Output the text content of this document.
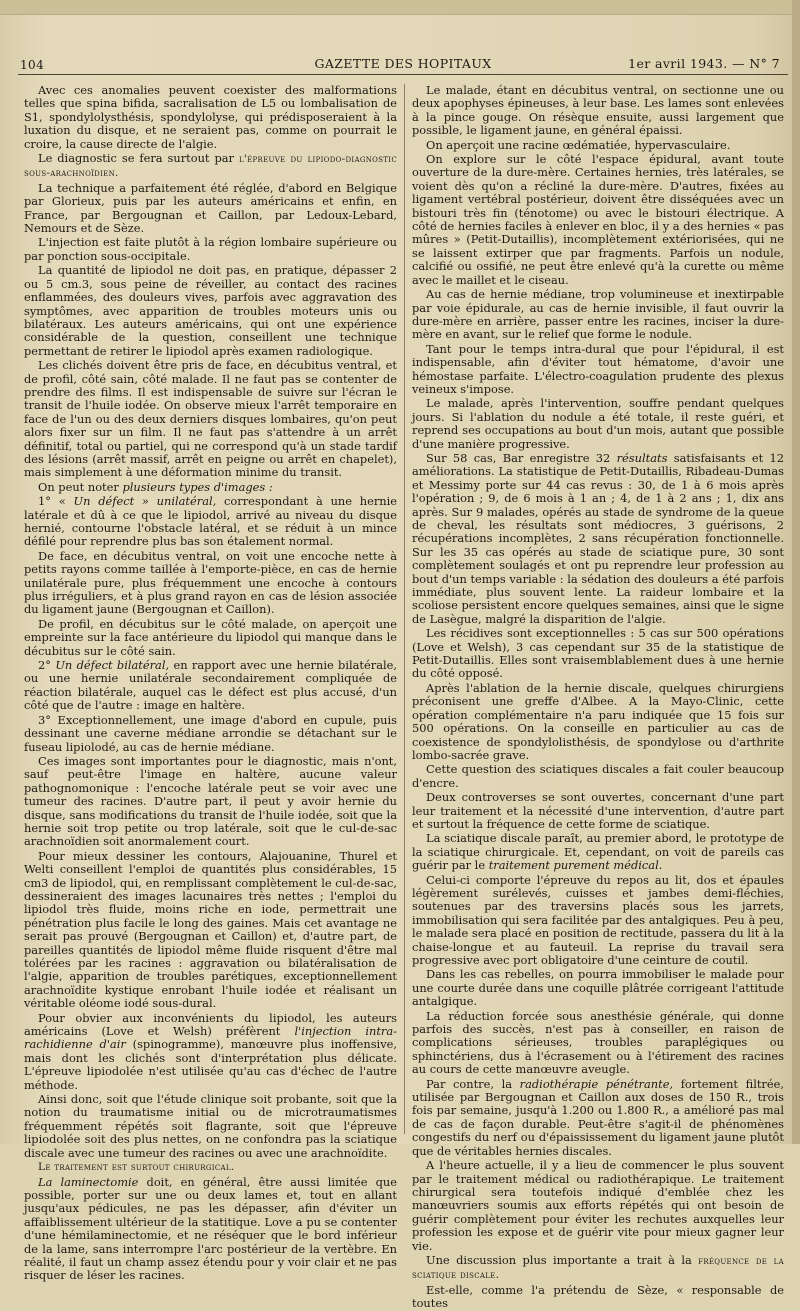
104	GAZETTE DES HOPITAUX	1er avril 1943. — N° 7

Avec ces anomalies peuvent coexister des malformations telles que spina bifida, sacralisation de L5 ou lombalisation de S1, spondylolysthésis, spondylolyse, qui prédisposeraient à la luxation du disque, et ne seraient pas, comme on pourrait le croire, la cause directe de l'algie.

Le diagnostic se fera surtout par l'épreuve du lipiodo-diagnostic sous-arachnoïdien.

La technique a parfaitement été réglée, d'abord en Belgique par Glorieux, puis par les auteurs américains et enfin, en France, par Bergougnan et Caillon, par Ledoux-Lebard, Nemours et de Sèze.

L'injection est faite plutôt à la région lombaire supérieure ou par ponction sous-occipitale.

La quantité de lipiodol ne doit pas, en pratique, dépasser 2 ou 5 cm.3, sous peine de réveiller, au contact des racines enflammées, des douleurs vives, parfois avec aggravation des symptômes, avec apparition de troubles moteurs unis ou bilatéraux. Les auteurs américains, qui ont une expérience considérable de la question, conseillent une technique permettant de retirer le lipiodol après examen radiologique.

Les clichés doivent être pris de face, en décubitus ventral, et de profil, côté sain, côté malade. Il ne faut pas se contenter de prendre des films. Il est indispensable de suivre sur l'écran le transit de l'huile iodée. On observe mieux l'arrêt temporaire en face de l'un ou des deux derniers disques lombaires, qu'on peut alors fixer sur un film. Il ne faut pas s'attendre à un arrêt définitif, total ou partiel, qui ne correspond qu'à un stade tardif des lésions (arrêt massif, arrêt en peigne ou arrêt en chapelet), mais simplement à une déformation minime du transit.

On peut noter plusieurs types d'images :

1° « Un défect » unilatéral, correspondant à une hernie latérale et dû à ce que le lipiodol, arrivé au niveau du disque hernié, contourne l'obstacle latéral, et se réduit à un mince défilé pour reprendre plus bas son étalement normal.

De face, en décubitus ventral, on voit une encoche nette à petits rayons comme taillée à l'emporte-pièce, en cas de hernie unilatérale pure, plus fréquemment une encoche à contours plus irréguliers, et à plus grand rayon en cas de lésion associée du ligament jaune (Bergougnan et Caillon).

De profil, en décubitus sur le côté malade, on aperçoit une empreinte sur la face antérieure du lipiodol qui manque dans le décubitus sur le côté sain.

2° Un défect bilatéral, en rapport avec une hernie bilatérale, ou une hernie unilatérale secondairement compliquée de réaction bilatérale, auquel cas le défect est plus accusé, d'un côté que de l'autre : image en haltère.

3° Exceptionnellement, une image d'abord en cupule, puis dessinant une caverne médiane arrondie se détachant sur le fuseau lipiolodé, au cas de hernie médiane.

Ces images sont importantes pour le diagnostic, mais n'ont, sauf peut-être l'image en haltère, aucune valeur pathognomonique : l'encoche latérale peut se voir avec une tumeur des racines. D'autre part, il peut y avoir hernie du disque, sans modifications du transit de l'huile iodée, soit que la hernie soit trop petite ou trop latérale, soit que le cul-de-sac arachnoïdien soit anormalement court.

Pour mieux dessiner les contours, Alajouanine, Thurel et Welti conseillent l'emploi de quantités plus considérables, 15 cm3 de lipiodol, qui, en remplissant complètement le cul-de-sac, dessineraient des images lacunaires très nettes ; l'emploi du lipiodol très fluide, moins riche en iode, permettrait une pénétration plus facile le long des gaines. Mais cet avantage ne serait pas prouvé (Bergougnan et Caillon) et, d'autre part, de pareilles quantités de lipiodol même fluide risquent d'être mal tolérées par les racines : aggravation ou bilatéralisation de l'algie, apparition de troubles parétiques, exceptionnellement arachnoïdite kystique enrobant l'huile iodée et réalisant un véritable oléome iodé sous-dural.

Pour obvier aux inconvénients du lipiodol, les auteurs américains (Love et Welsh) préfèrent l'injection intra-rachidienne d'air (spinogramme), manœuvre plus inoffensive, mais dont les clichés sont d'interprétation plus délicate. L'épreuve lipiodolée n'est utilisée qu'au cas d'échec de l'autre méthode.

Ainsi donc, soit que l'étude clinique soit probante, soit que la notion du traumatisme initial ou de microtraumatismes fréquemment répétés soit flagrante, soit que l'épreuve lipiodolée soit des plus nettes, on ne confondra pas la sciatique discale avec une tumeur des racines ou avec une arachnoïdite.

Le traitement est surtout chirurgical.

La laminectomie doit, en général, être aussi limitée que possible, porter sur une ou deux lames et, tout en allant jusqu'aux pédicules, ne pas les dépasser, afin d'éviter un affaiblissement ultérieur de la statitique. Love a pu se contenter d'une hémilaminectomie, et ne réséquer que le bord inférieur de la lame, sans interrompre l'arc postérieur de la vertèbre. En réalité, il faut un champ assez étendu pour y voir clair et ne pas risquer de léser les racines.

Le malade, étant en décubitus ventral, on sectionne une ou deux apophyses épineuses, à leur base. Les lames sont enlevées à la pince gouge. On résèque ensuite, aussi largement que possible, le ligament jaune, en général épaissi.

On aperçoit une racine œdématiée, hypervasculaire.

On explore sur le côté l'espace épidural, avant toute ouverture de la dure-mère. Certaines hernies, très latérales, se voient dès qu'on a récliné la dure-mère. D'autres, fixées au ligament vertébral postérieur, doivent être disséquées avec un bistouri très fin (ténotome) ou avec le bistouri électrique. A côté de hernies faciles à enlever en bloc, il y a des hernies « pas mûres » (Petit-Dutaillis), incomplètement extériorisées, qui ne se laissent extirper que par fragments. Parfois un nodule, calcifié ou ossifié, ne peut être enlevé qu'à la curette ou même avec le maillet et le ciseau.

Au cas de hernie médiane, trop volumineuse et inextirpable par voie épidurale, au cas de hernie invisible, il faut ouvrir la dure-mère en arrière, passer entre les racines, inciser la dure-mère en avant, sur le relief que forme le nodule.

Tant pour le temps intra-dural que pour l'épidural, il est indispensable, afin d'éviter tout hématome, d'avoir une hémostase parfaite. L'électro-coagulation prudente des plexus veineux s'impose.

Le malade, après l'intervention, souffre pendant quelques jours. Si l'ablation du nodule a été totale, il reste guéri, et reprend ses occupations au bout d'un mois, autant que possible d'une manière progressive.

Sur 58 cas, Bar enregistre 32 résultats satisfaisants et 12 améliorations. La statistique de Petit-Dutaillis, Ribadeau-Dumas et Messimy porte sur 44 cas revus : 30, de 1 à 6 mois après l'opération ; 9, de 6 mois à 1 an ; 4, de 1 à 2 ans ; 1, dix ans après. Sur 9 malades, opérés au stade de syndrome de la queue de cheval, les résultats sont médiocres, 3 guérisons, 2 récupérations incomplètes, 2 sans récupération fonctionnelle. Sur les 35 cas opérés au stade de sciatique pure, 30 sont complètement soulagés et ont pu reprendre leur profession au bout d'un temps variable : la sédation des douleurs a été parfois immédiate, plus souvent lente. La raideur lombaire et la scoliose persistent encore quelques semaines, ainsi que le signe de Lasègue, malgré la disparition de l'algie.

Les récidives sont exceptionnelles : 5 cas sur 500 opérations (Love et Welsh), 3 cas cependant sur 35 de la statistique de Petit-Dutaillis. Elles sont vraisemblablement dues à une hernie du côté opposé.

Après l'ablation de la hernie discale, quelques chirurgiens préconisent une greffe d'Albee. A la Mayo-Clinic, cette opération complémentaire n'a paru indiquée que 15 fois sur 500 opérations. On la conseille en particulier au cas de coexistence de spondylolisthésis, de spondylose ou d'arthrite lombo-sacrée grave.

Cette question des sciatiques discales a fait couler beaucoup d'encre.

Deux controverses se sont ouvertes, concernant d'une part leur traitement et la nécessité d'une intervention, d'autre part et surtout la fréquence de cette forme de sciatique.

La sciatique discale paraît, au premier abord, le prototype de la sciatique chirurgicale. Et, cependant, on voit de pareils cas guérir par le traitement purement médical.

Celui-ci comporte l'épreuve du repos au lit, dos et épaules légèrement surélevés, cuisses et jambes demi-fléchies, soutenues par des traversins placés sous les jarrets, immobilisation qui sera facilitée par des antalgiques. Peu à peu, le malade sera placé en position de rectitude, passera du lit à la chaise-longue et au fauteuil. La reprise du travail sera progressive avec port obligatoire d'une ceinture de coutil.

Dans les cas rebelles, on pourra immobiliser le malade pour une courte durée dans une coquille plâtrée corrigeant l'attitude antalgique.

La réduction forcée sous anesthésie générale, qui donne parfois des succès, n'est pas à conseiller, en raison de complications sérieuses, troubles paraplégiques ou sphinctériens, dus à l'écrasement ou à l'étirement des racines au cours de cette manœuvre aveugle.

Par contre, la radiothérapie pénétrante, fortement filtrée, utilisée par Bergougnan et Caillon aux doses de 150 R., trois fois par semaine, jusqu'à 1.200 ou 1.800 R., a amélioré pas mal de cas de façon durable. Peut-être s'agit-il de phénomènes congestifs du nerf ou d'épaississement du ligament jaune plutôt que de véritables hernies discales.

A l'heure actuelle, il y a lieu de commencer le plus souvent par le traitement médical ou radiothérapique. Le traitement chirurgical sera toutefois indiqué d'emblée chez les manœuvriers soumis aux efforts répétés qui ont besoin de guérir complètement pour éviter les rechutes auxquelles leur profession les expose et de guérir vite pour mieux gagner leur vie.

Une discussion plus importante a trait à la fréquence de la sciatique discale.

Est-elle, comme l'a prétendu de Sèze, « responsable de toutes
